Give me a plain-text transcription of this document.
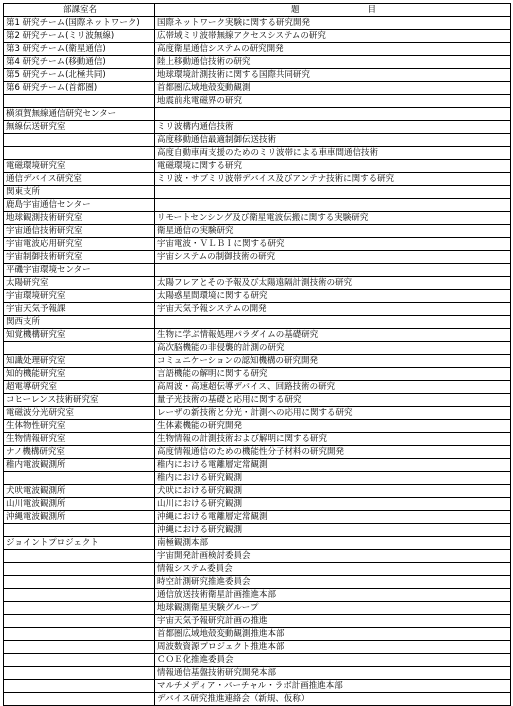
部課室名	題　　　　　　　　目
第1 研究チーム(国際ネットワーク)	国際ネットワーク実験に関する研究開発
第2 研究チーム(ミリ波無線)	広帯域ミリ波帯無線アクセスシステムの研究
第3 研究チーム(衛星通信)	高度衛星通信システムの研究開発
第4 研究チーム(移動通信)	陸上移動通信技術の研究
第5 研究チーム(北極共同)	地球環境計測技術に関する国際共同研究
第6 研究チーム(首都圏)	首都圏広域地殻変動観測
	地震前兆電磁界の研究
横須賀無線通信研究センター	
無線伝送研究室	ミリ波構内通信技術
	高度移動通信最適制御伝送技術
	高度自動車両支援のためのミリ波帯による車車間通信技術
電磁環境研究室	電磁環境に関する研究
通信デバイス研究室	ミリ波・サブミリ波帯デバイス及びアンテナ技術に関する研究
関東支所	
鹿島宇宙通信センター	
地球観測技術研究室	リモートセンシング及び衛星電波伝搬に関する実験研究
宇宙通信技術研究室	衛星通信の実験研究
宇宙電波応用研究室	宇宙電波・ＶＬＢＩに関する研究
宇宙制御技術研究室	宇宙システムの制御技術の研究
平磯宇宙環境センター	
太陽研究室	太陽フレアとその予報及び太陽遠隔計測技術の研究
宇宙環境研究室	太陽惑星間環境に関する研究
宇宙天気予報課	宇宙天気予報システムの開発
関西支所	
知覚機構研究室	生物に学ぶ情報処理パラダイムの基礎研究
	高次脳機能の非侵襲的計測の研究
知識处理研究室	コミュニケーションの認知機構の研究開発
知的機能研究室	言語機能の解明に関する研究
超電導研究室	高周波・高速超伝導デバイス、回路技術の研究
コヒーレンス技術研究室	量子光技術の基礎と応用に関する研究
電磁波分光研究室	レーザの新技術と分光・計測への応用に関する研究
生体物性研究室	生体素機能の研究開発
生物情報研究室	生物情報の計測技術および解明に関する研究
ナノ機構研究室	高度情報通信のための機能性分子材料の研究開発
稚内電波観測所	稚内における電離層定常観測
	稚内における研究観測
犬吠電波観測所	犬吠における研究観測
山川電波観測所	山川における研究観測
沖縄電波観測所	沖縄における電離層定常観測
	沖縄における研究観測
ジョイントプロジェクト	南極観測本部
	宇宙開発計画検討委員会
	情報システム委員会
	時空計測研究推進委員会
	通信放送技術衛星計画推進本部
	地球観測衛星実験グループ
	宇宙天気予報研究計画の推進
	首都圏広域地殻変動観測推進本部
	周波数資源プロジェクト推進本部
	ＣＯＥ化推進委員会
	情報通信基盤技術研究開発本部
	マルチメディア・バーチャル・ラボ計画推進本部
	デバイス研究推進連絡会（新規、仮称）
